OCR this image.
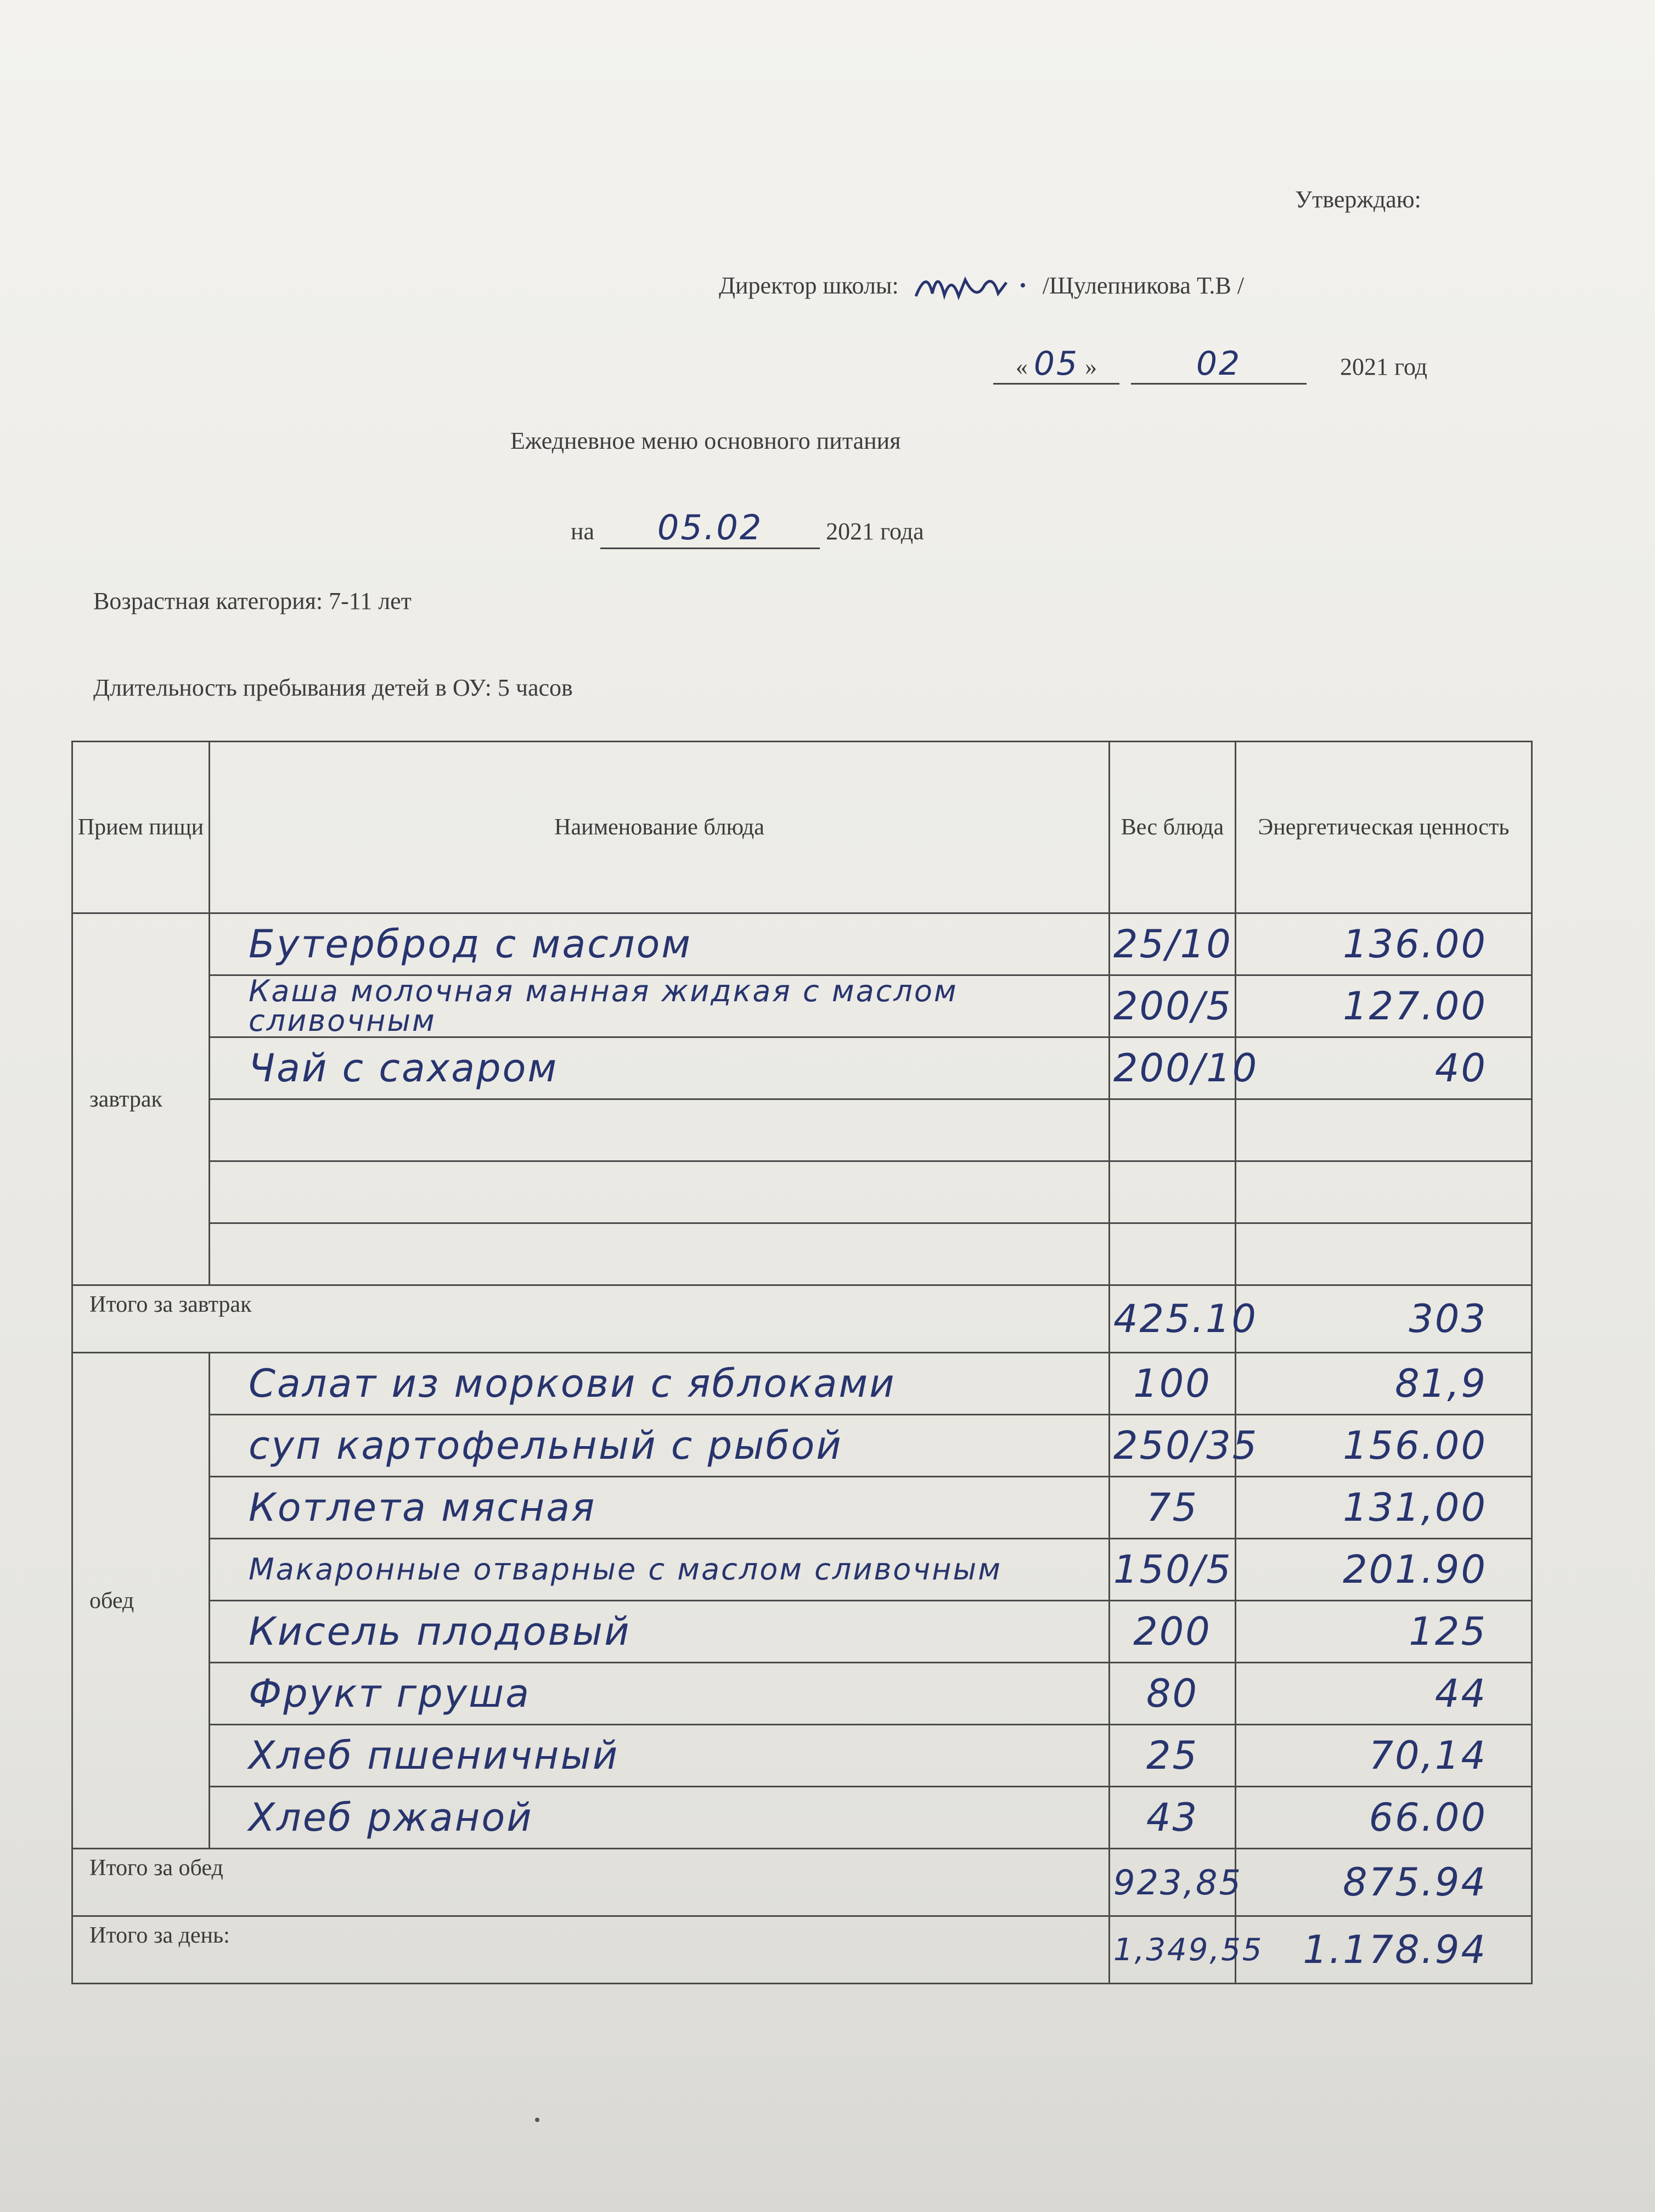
Утверждаю:
Директор школы:	/Щулепникова Т.В /
« 05 »	02	2021 год
Ежедневное меню основного питания
на 05.02	2021 года
Возрастная категория: 7-11 лет
Длительность пребывания детей в ОУ: 5 часов
Прием пищи	Наименование блюда	Вес блюда	Энергетическая ценность
завтрак	Бутерброд с маслом	25/10	136.00
	Каша молочная манная жидкая с маслом сливочным	200/5	127.00
	Чай с сахаром	200/10	40

Итого за завтрак		425.10	303
обед	Салат из моркови с яблоками	100	81,9
	суп картофельный с рыбой	250/35	156.00
	Котлета мясная	75	131,00
	Макаронные отварные с маслом сливочным	150/5	201.90
	Кисель плодовый	200	125
	Фрукт груша	80	44
	Хлеб пшеничный	25	70,14
	Хлеб ржаной	43	66.00
Итого за обед		923,85	875.94
Итого за день:		1,349,55	1.178.94
